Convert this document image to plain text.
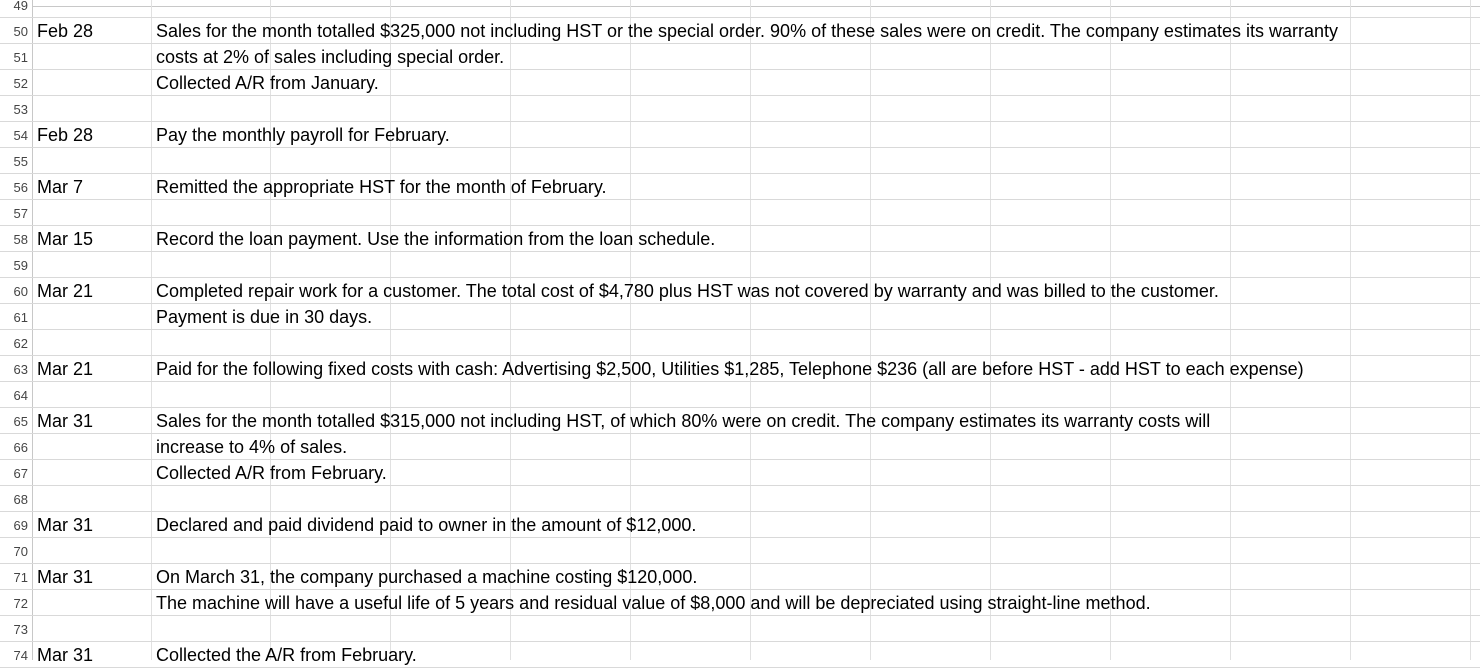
49
50 Feb 28	Sales for the month totalled $325,000 not including HST or the special order. 90% of these sales were on credit. The company estimates its warranty
51	costs at 2% of sales including special order.
52	Collected A/R from January.
53
54 Feb 28	Pay the monthly payroll for February.
55
56 Mar 7	Remitted the appropriate HST for the month of February.
57
58 Mar 15	Record the loan payment. Use the information from the loan schedule.
59
60 Mar 21	Completed repair work for a customer. The total cost of $4,780 plus HST was not covered by warranty and was billed to the customer.
61	Payment is due in 30 days.
62
63 Mar 21	Paid for the following fixed costs with cash: Advertising $2,500, Utilities $1,285, Telephone $236 (all are before HST - add HST to each expense)
64
65 Mar 31	Sales for the month totalled $315,000 not including HST, of which 80% were on credit. The company estimates its warranty costs will
66	increase to 4% of sales.
67	Collected A/R from February.
68
69 Mar 31	Declared and paid dividend paid to owner in the amount of $12,000.
70
71 Mar 31	On March 31, the company purchased a machine costing $120,000.
72	The machine will have a useful life of 5 years and residual value of $8,000 and will be depreciated using straight-line method.
73
74 Mar 31	Collected the A/R from February.
